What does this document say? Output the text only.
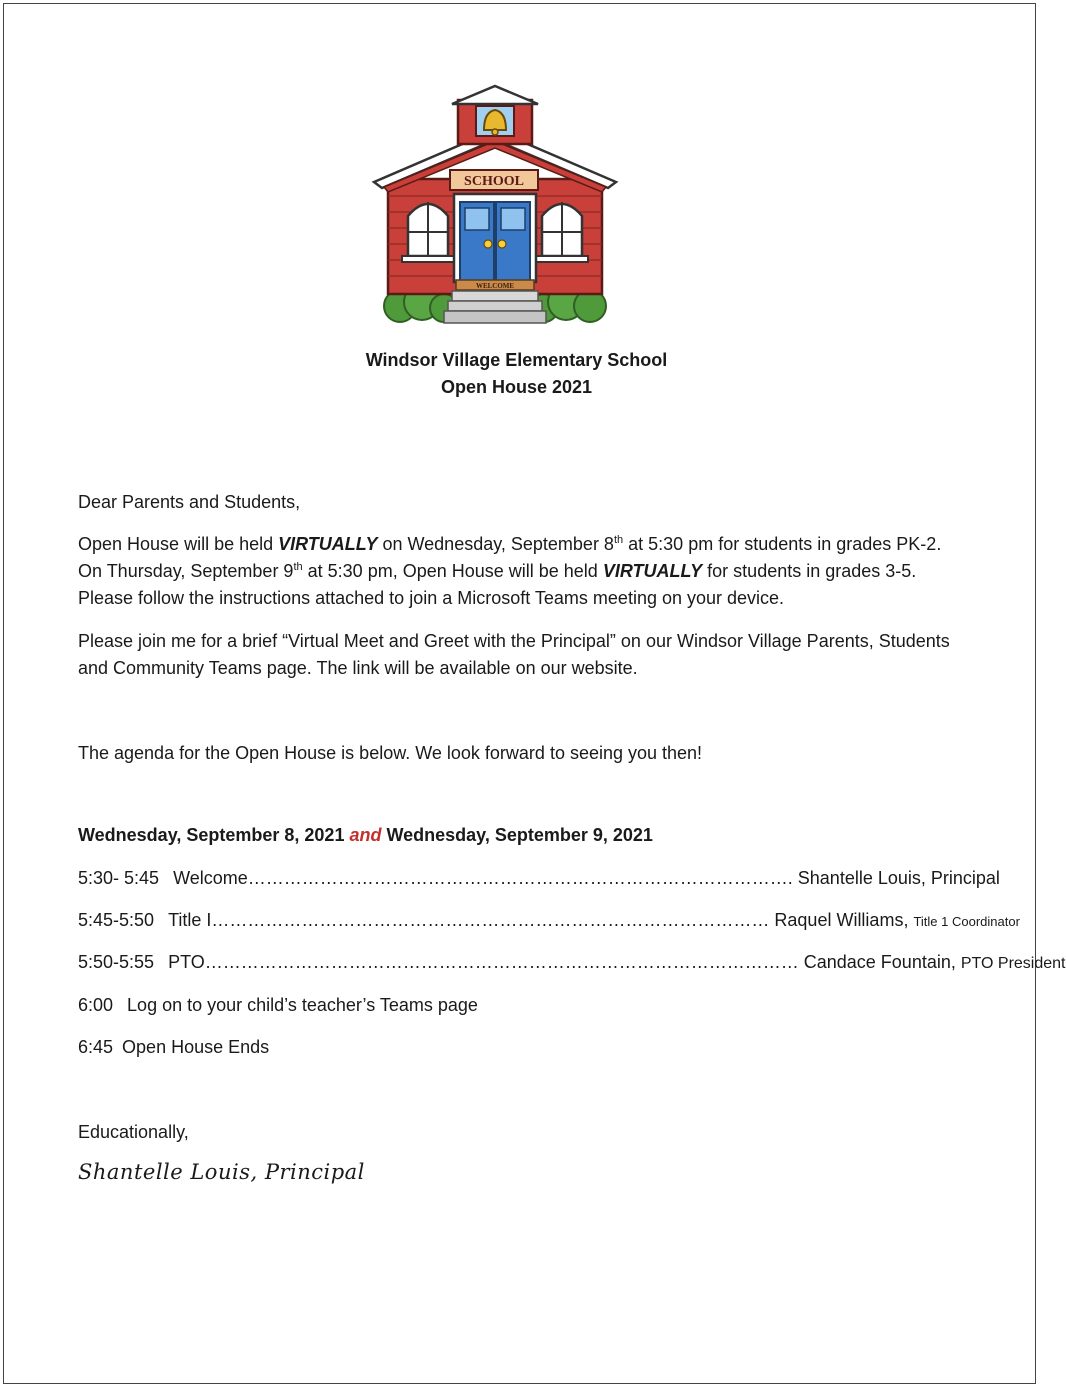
SCHOOL
WELCOME
Windsor Village Elementary School
Open House 2021
Dear Parents and Students,
Open House will be held VIRTUALLY on Wednesday, September 8th at 5:30 pm for students in grades PK-2. On Thursday, September 9th at 5:30 pm, Open House will be held VIRTUALLY for students in grades 3-5. Please follow the instructions attached to join a Microsoft Teams meeting on your device.
Please join me for a brief “Virtual Meet and Greet with the Principal” on our Windsor Village Parents, Students and Community Teams page. The link will be available on our website.
The agenda for the Open House is below. We look forward to seeing you then!
Wednesday, September 8, 2021 and Wednesday, September 9, 2021
5:30- 5:45 Welcome………………………………………………………………………………. Shantelle Louis, Principal
5:45-5:50 Title I………………………………………………………………………………… Raquel Williams, Title 1 Coordinator
5:50-5:55 PTO……………………………………………………………………………………… Candace Fountain, PTO President
6:00 Log on to your child’s teacher’s Teams page
6:45 Open House Ends
Educationally,
Shantelle Louis, Principal
